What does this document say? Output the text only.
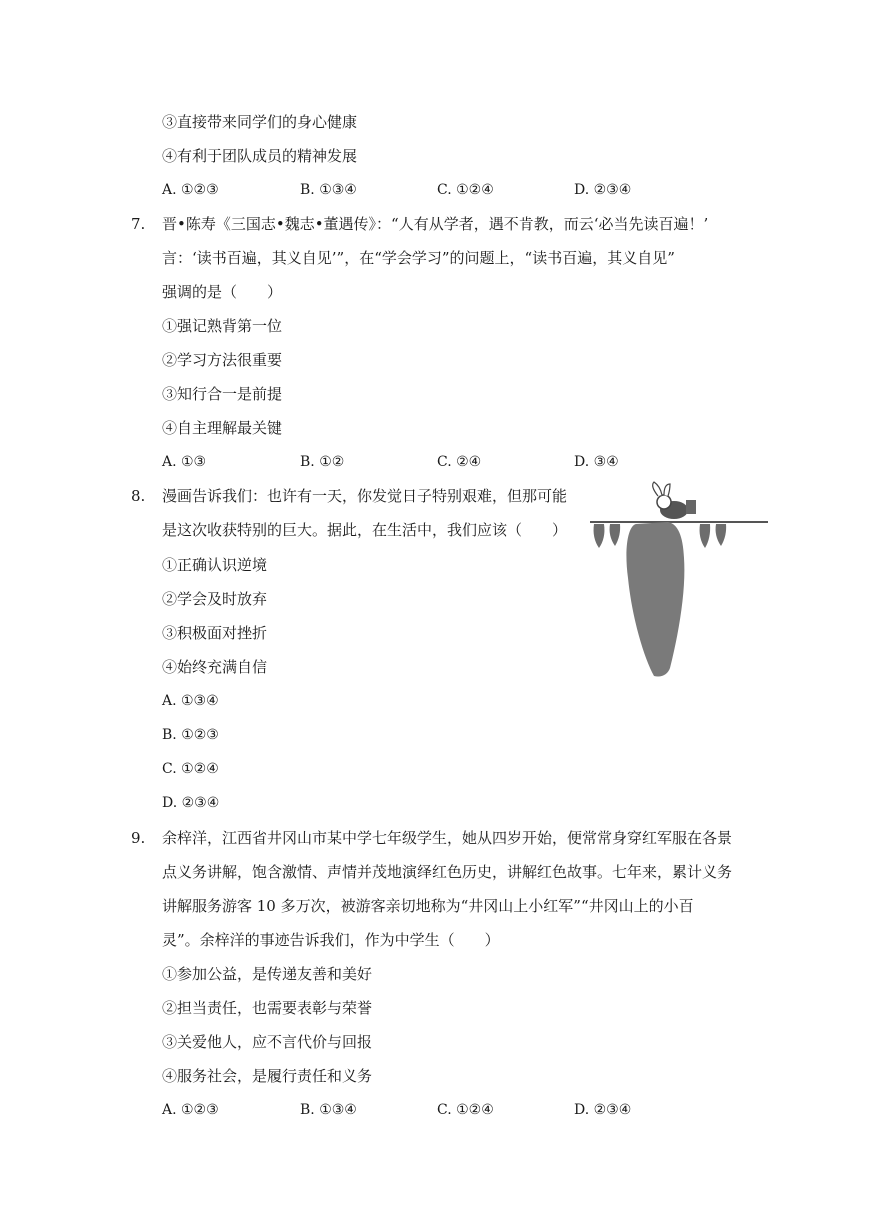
③直接带来同学们的身心健康
④有利于团队成员的精神发展
A. ①②③	B. ①③④	C. ①②④	D. ②③④
7. 晋•陈寿《三国志•魏志•董遇传》：“人有从学者，遇不肯教，而云‘必当先读百遍！’
言：‘读书百遍，其义自见’”，在“学会学习”的问题上，“读书百遍，其义自见”
强调的是（　　）
①强记熟背第一位
②学习方法很重要
③知行合一是前提
④自主理解最关键
A. ①③	B. ①②	C. ②④	D. ③④
8. 漫画告诉我们：也许有一天，你发觉日子特别艰难，但那可能
是这次收获特别的巨大。据此，在生活中，我们应该（　　）
①正确认识逆境
②学会及时放弃
③积极面对挫折
④始终充满自信
A. ①③④
B. ①②③
C. ①②④
D. ②③④
9. 余梓洋，江西省井冈山市某中学七年级学生，她从四岁开始，便常常身穿红军服在各景
点义务讲解，饱含激情、声情并茂地演绎红色历史，讲解红色故事。七年来，累计义务
讲解服务游客 10 多万次，被游客亲切地称为“井冈山上小红军”“井冈山上的小百
灵”。余梓洋的事迹告诉我们，作为中学生（　　）
①参加公益，是传递友善和美好
②担当责任，也需要表彰与荣誉
③关爱他人，应不言代价与回报
④服务社会，是履行责任和义务
A. ①②③	B. ①③④	C. ①②④	D. ②③④
